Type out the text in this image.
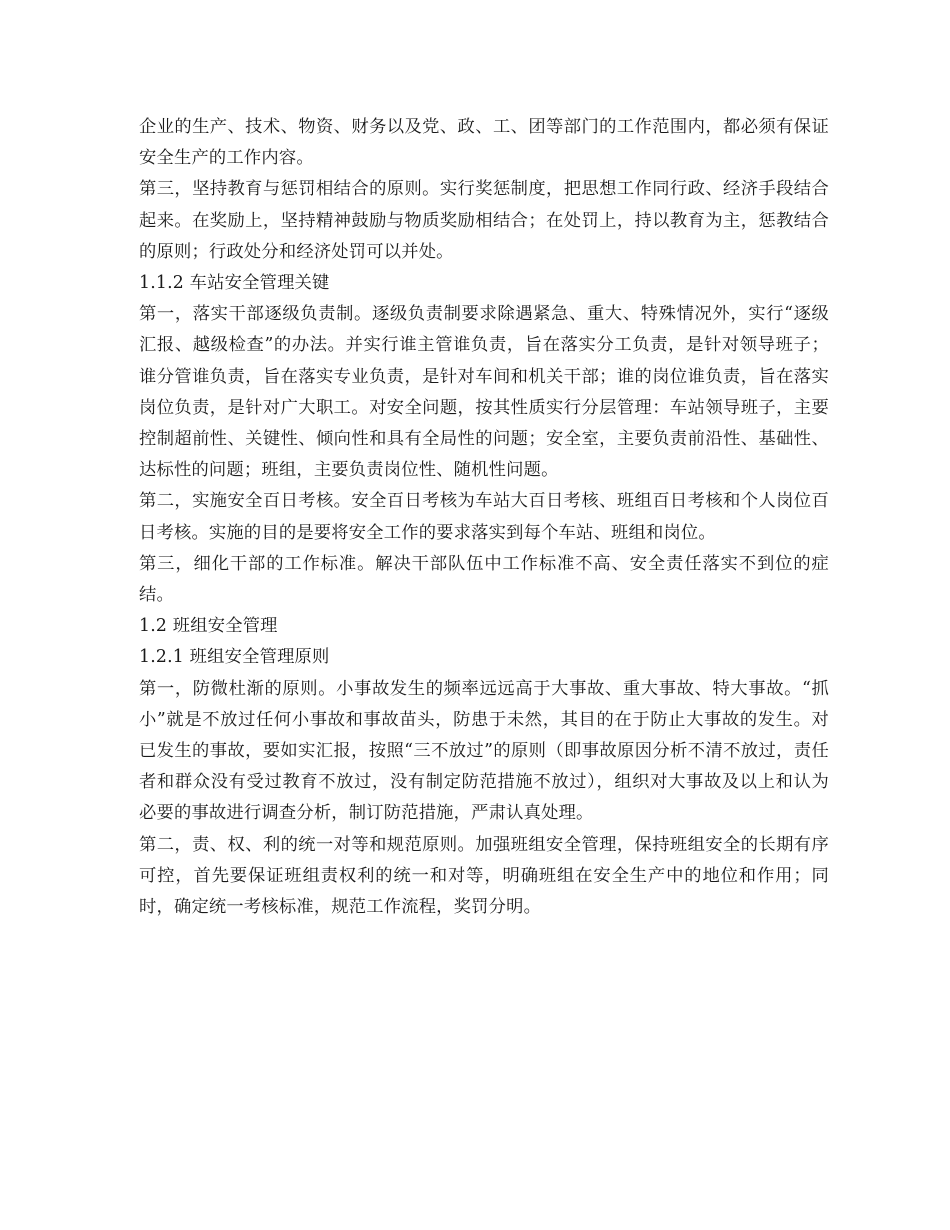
企业的生产、技术、物资、财务以及党、政、工、团等部门的工作范围内，都必须有保证安全生产的工作内容。

第三，坚持教育与惩罚相结合的原则。实行奖惩制度，把思想工作同行政、经济手段结合起来。在奖励上，坚持精神鼓励与物质奖励相结合；在处罚上，持以教育为主，惩教结合的原则；行政处分和经济处罚可以并处。

1.1.2 车站安全管理关键

第一，落实干部逐级负责制。逐级负责制要求除遇紧急、重大、特殊情况外，实行“逐级汇报、越级检查”的办法。并实行谁主管谁负责，旨在落实分工负责，是针对领导班子；谁分管谁负责，旨在落实专业负责，是针对车间和机关干部；谁的岗位谁负责，旨在落实岗位负责，是针对广大职工。对安全问题，按其性质实行分层管理：车站领导班子，主要控制超前性、关键性、倾向性和具有全局性的问题；安全室，主要负责前沿性、基础性、达标性的问题；班组，主要负责岗位性、随机性问题。

第二，实施安全百日考核。安全百日考核为车站大百日考核、班组百日考核和个人岗位百日考核。实施的目的是要将安全工作的要求落实到每个车站、班组和岗位。

第三，细化干部的工作标准。解决干部队伍中工作标准不高、安全责任落实不到位的症结。

1.2 班组安全管理

1.2.1 班组安全管理原则

第一，防微杜渐的原则。小事故发生的频率远远高于大事故、重大事故、特大事故。“抓小”就是不放过任何小事故和事故苗头，防患于未然，其目的在于防止大事故的发生。对已发生的事故，要如实汇报，按照“三不放过”的原则（即事故原因分析不清不放过，责任者和群众没有受过教育不放过，没有制定防范措施不放过），组织对大事故及以上和认为必要的事故进行调查分析，制订防范措施，严肃认真处理。

第二，责、权、利的统一对等和规范原则。加强班组安全管理，保持班组安全的长期有序可控，首先要保证班组责权利的统一和对等，明确班组在安全生产中的地位和作用；同时，确定统一考核标准，规范工作流程，奖罚分明。
